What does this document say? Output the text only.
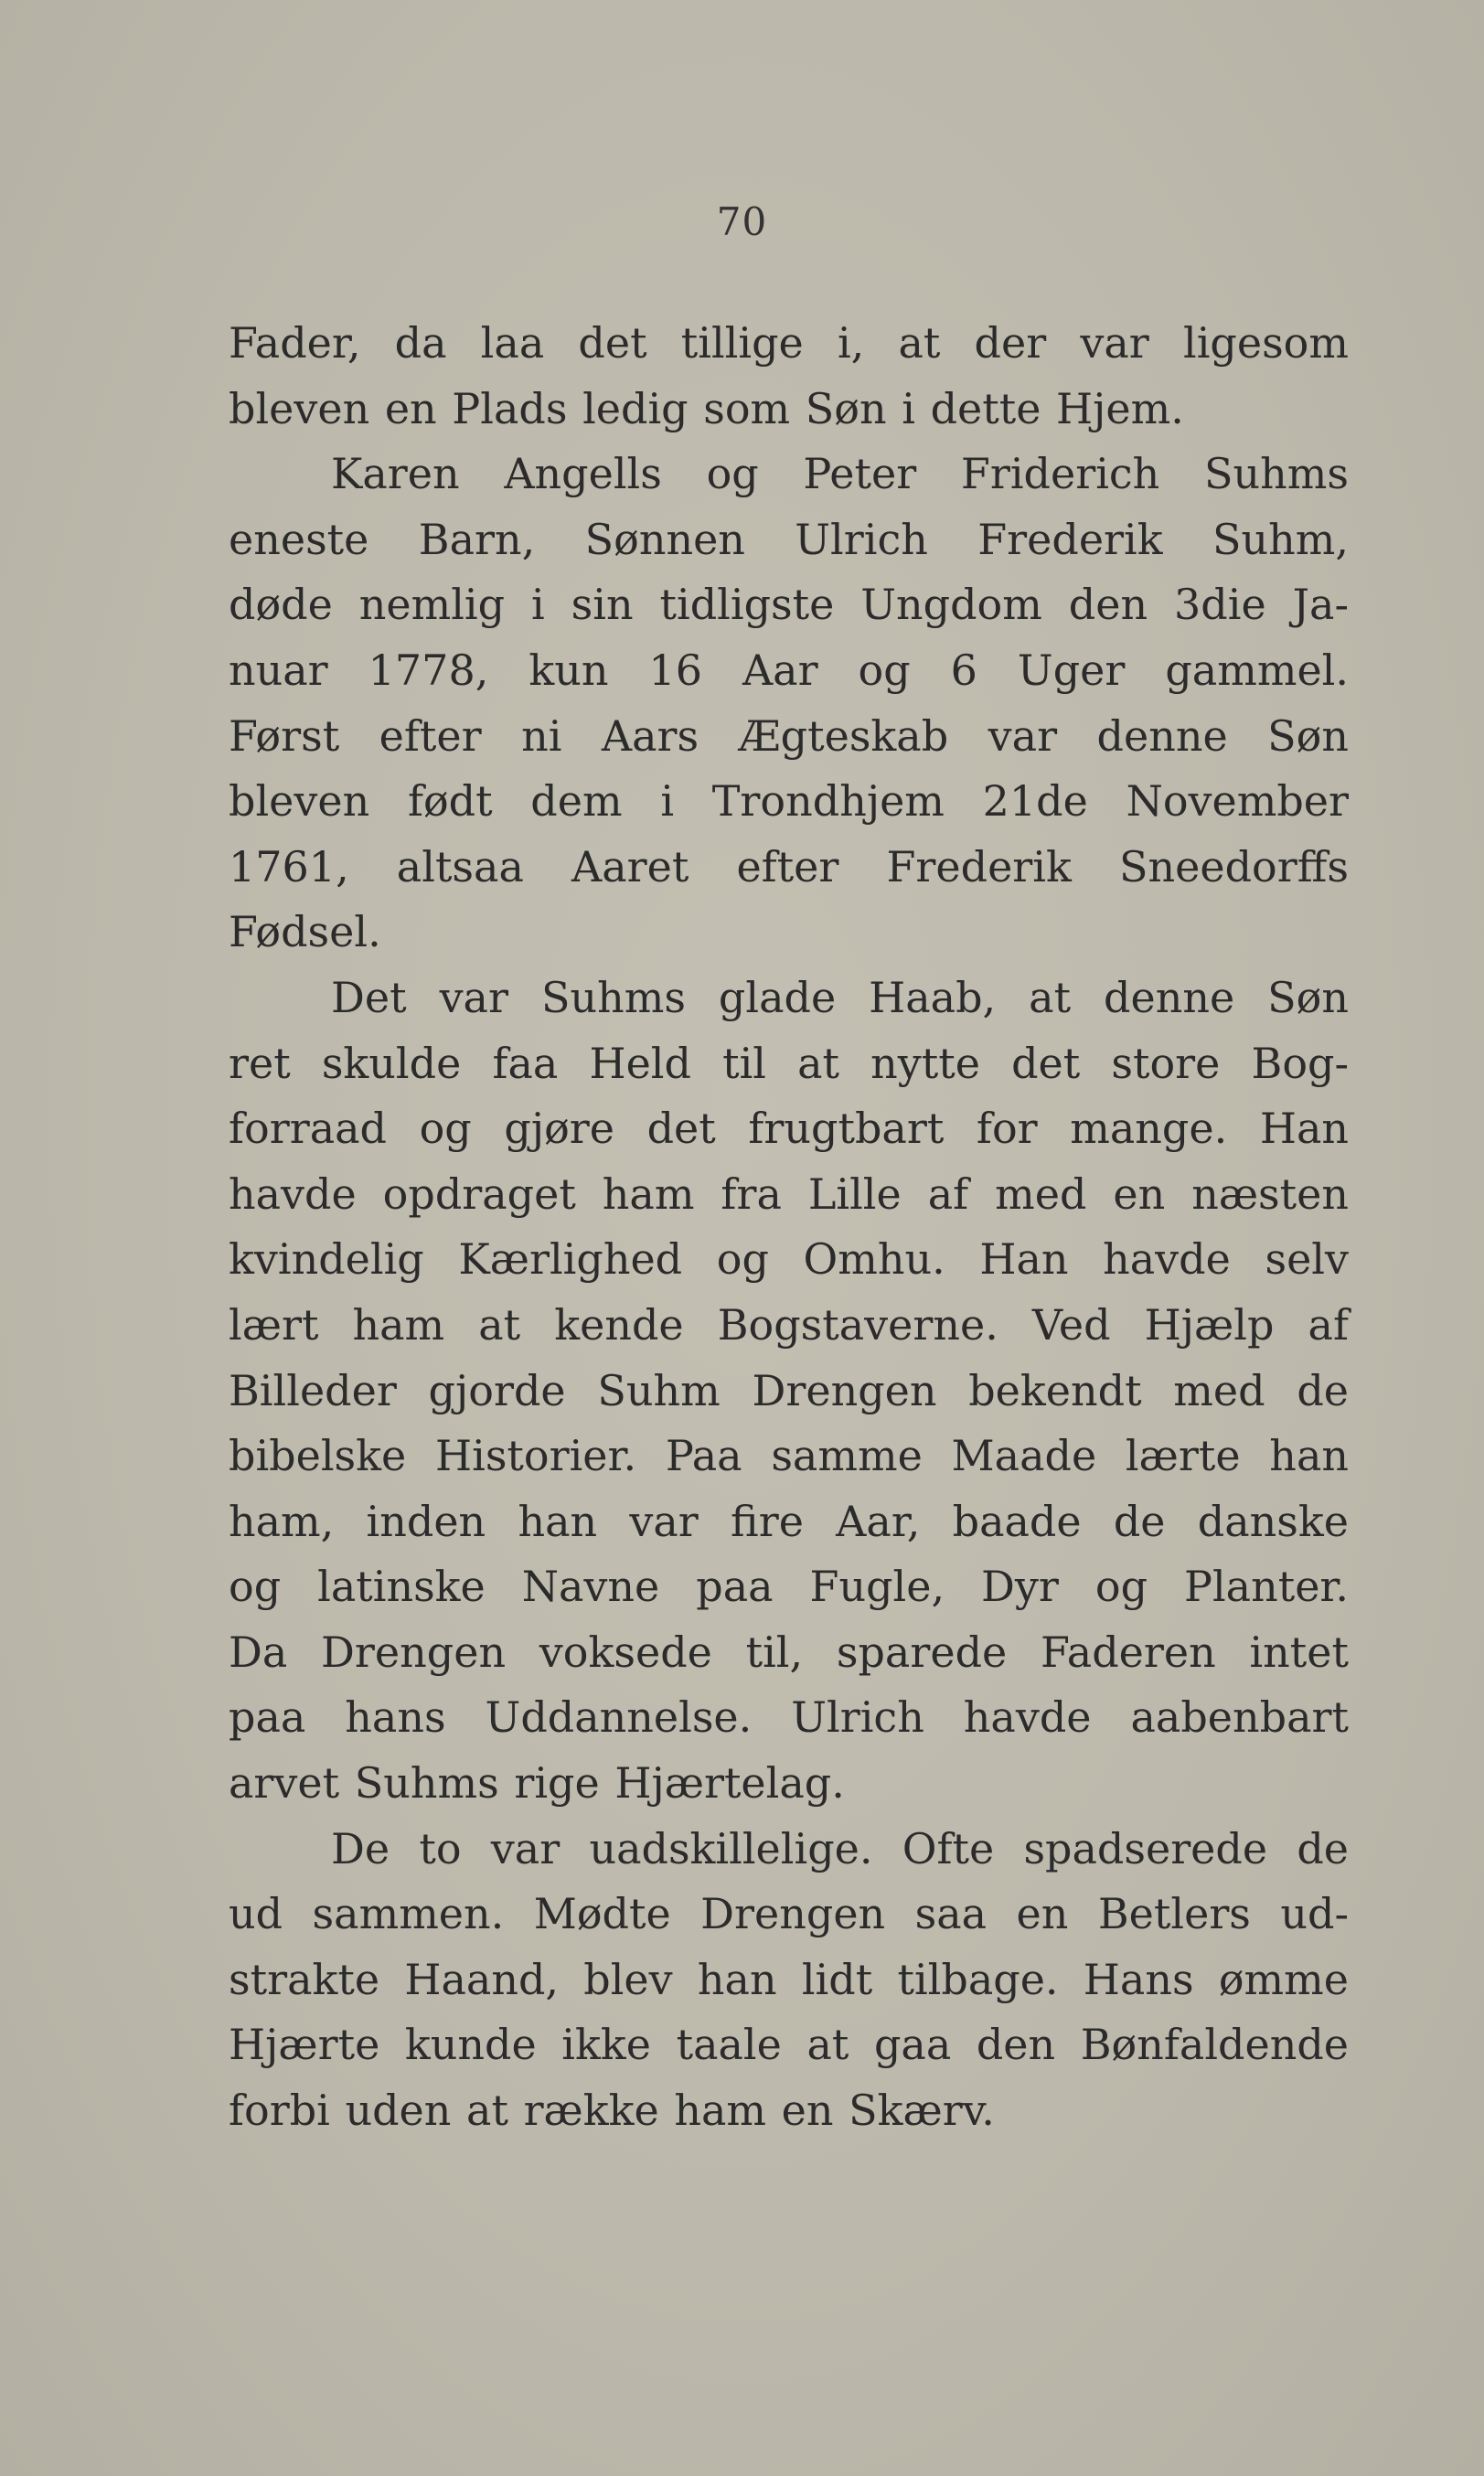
70
Fader, da laa det tillige i, at der var ligesom
bleven en Plads ledig som Søn i dette Hjem.
Karen Angells og Peter Friderich Suhms
eneste Barn, Sønnen Ulrich Frederik Suhm,
døde nemlig i sin tidligste Ungdom den 3die Ja-
nuar 1778, kun 16 Aar og 6 Uger gammel.
Først efter ni Aars Ægteskab var denne Søn
bleven født dem i Trondhjem 21de November
1761, altsaa Aaret efter Frederik Sneedorffs
Fødsel.
Det var Suhms glade Haab, at denne Søn
ret skulde faa Held til at nytte det store Bog-
forraad og gjøre det frugtbart for mange. Han
havde opdraget ham fra Lille af med en næsten
kvindelig Kærlighed og Omhu. Han havde selv
lært ham at kende Bogstaverne. Ved Hjælp af
Billeder gjorde Suhm Drengen bekendt med de
bibelske Historier. Paa samme Maade lærte han
ham, inden han var fire Aar, baade de danske
og latinske Navne paa Fugle, Dyr og Planter.
Da Drengen voksede til, sparede Faderen intet
paa hans Uddannelse. Ulrich havde aabenbart
arvet Suhms rige Hjærtelag.
De to var uadskillelige. Ofte spadserede de
ud sammen. Mødte Drengen saa en Betlers ud-
strakte Haand, blev han lidt tilbage. Hans ømme
Hjærte kunde ikke taale at gaa den Bønfaldende
forbi uden at række ham en Skærv.
